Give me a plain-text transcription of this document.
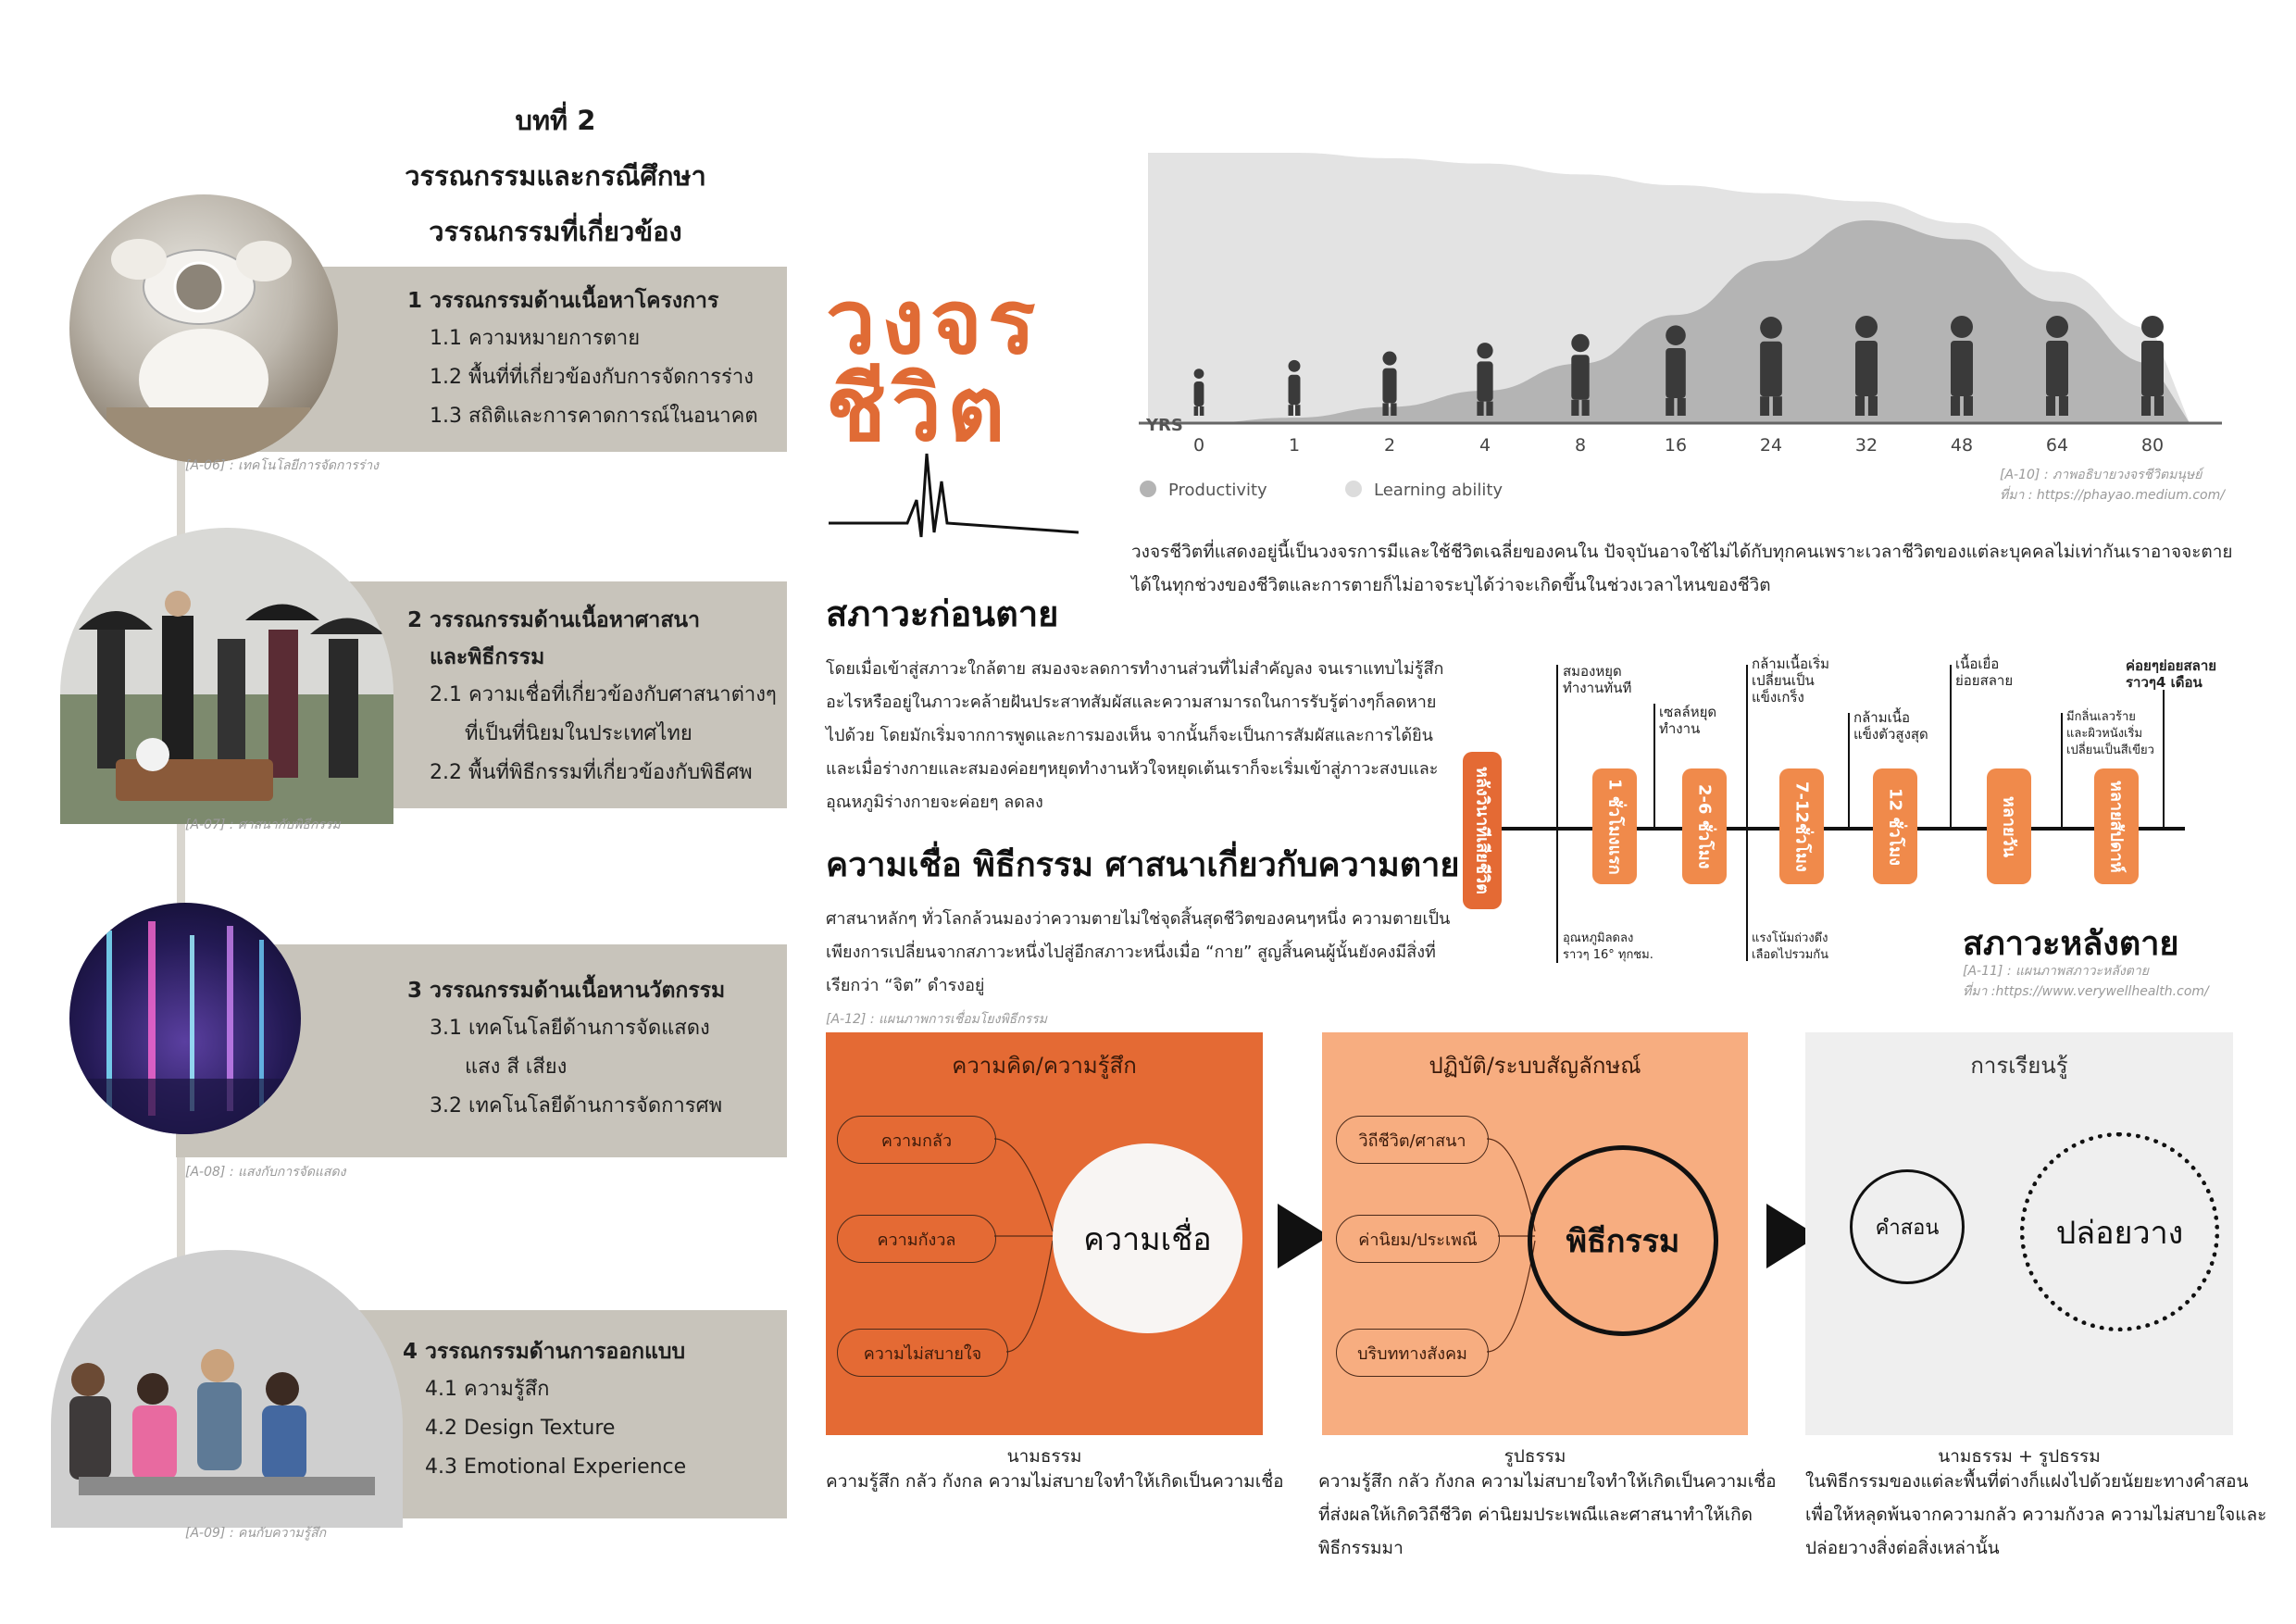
บทที่ 2
วรรณกรรมและกรณีศึกษา
วรรณกรรมที่เกี่ยวข้อง
1 วรรณกรรมด้านเนื้อหาโครงการ
1.1 ความหมายการตาย
1.2 พื้นที่ที่เกี่ยวข้องกับการจัดการร่าง
1.3 สถิติและการคาดการณ์ในอนาคต
[A-06] : เทคโนโลยีการจัดการร่าง
2 วรรณกรรมด้านเนื้อหาศาสนา
และพิธีกรรม
2.1 ความเชื่อที่เกี่ยวข้องกับศาสนาต่างๆ
ที่เป็นที่นิยมในประเทศไทย
2.2 พื้นที่พิธีกรรมที่เกี่ยวข้องกับพิธีศพ
[A-07] : ศาสนากับพิธีกรรม
3 วรรณกรรมด้านเนื้อหานวัตกรรม
3.1 เทคโนโลยีด้านการจัดแสดง
แสง สี เสียง
3.2 เทคโนโลยีด้านการจัดการศพ
[A-08] : แสงกับการจัดแสดง
4 วรรณกรรมด้านการออกแบบ
4.1 ความรู้สึก
4.2 Design Texture
4.3 Emotional Experience
[A-09] : คนกับความรู้สึก
วงจร
ชีวิต	YRS
0	1	2	4	8	16	24	32	48	64	80
Productivity	Learning ability
[A-10] : ภาพอธิบายวงจรชีวิตมนุษย์
ที่มา : https://phayao.medium.com/
วงจรชีวิตที่แสดงอยู่นี้เป็นวงจรการมีและใช้ชีวิตเฉลี่ยของคนใน ปัจจุบันอาจใช้ไม่ได้กับทุกคนเพราะเวลาชีวิตของแต่ละบุคคลไม่เท่ากันเราอาจจะตาย
ได้ในทุกช่วงของชีวิตและการตายก็ไม่อาจระบุได้ว่าจะเกิดขึ้นในช่วงเวลาไหนของชีวิต
สภาวะก่อนตาย
โดยเมื่อเข้าสู่สภาวะใกล้ตาย สมองจะลดการทำงานส่วนที่ไม่สำคัญลง จนเราแทบไม่รู้สึก
อะไรหรืออยู่ในภาวะคล้ายฝันประสาทสัมผัสและความสามารถในการรับรู้ต่างๆก็ลดหาย
ไปด้วย โดยมักเริ่มจากการพูดและการมองเห็น จากนั้นก็จะเป็นการสัมผัสและการได้ยิน
และเมื่อร่างกายและสมองค่อยๆหยุดทำงานหัวใจหยุดเต้นเราก็จะเริ่มเข้าสู่ภาวะสงบและ
อุณหภูมิร่างกายจะค่อยๆ ลดลง
ความเชื่อ พิธีกรรม ศาสนาเกี่ยวกับความตาย
ศาสนาหลักๆ ทั่วโลกล้วนมองว่าความตายไม่ใช่จุดสิ้นสุดชีวิตของคนๆหนึ่ง ความตายเป็น
เพียงการเปลี่ยนจากสภาวะหนึ่งไปสู่อีกสภาวะหนึ่งเมื่อ “กาย” สูญสิ้นคนผู้นั้นยังคงมีสิ่งที่
เรียกว่า “จิต” ดำรงอยู่
[A-12] : แผนภาพการเชื่อมโยงพิธีกรรม
หลังวินาทีเสียชีวิต	1 ชั่วโมงแรก	2-6 ชั่วโมง	7-12ชั่วโมง	12 ชั่วโมง	หลายวัน	หลายสัปดาห์
สมองหยุด
ทำงานทันที
เซลล์หยุด
ทำงาน
กล้ามเนื้อเริ่ม
เปลี่ยนเป็น
แข็งเกร็ง
กล้ามเนื้อ
แข็งตัวสูงสุด
เนื้อเยื่อ
ย่อยสลาย
มีกลิ่นเลวร้าย
และผิวหนังเริ่ม
เปลี่ยนเป็นสีเขียว
ค่อยๆย่อยสลาย
ราวๆ4 เดือน
อุณหภูมิลดลง
ราวๆ 16° ทุกชม.
แรงโน้มถ่วงดึง
เลือดไปรวมกัน	สภาวะหลังตาย
[A-11] : แผนภาพสภาวะหลังตาย
ที่มา :https://www.verywellhealth.com/
ความคิด/ความรู้สึก
ความกลัว
ความกังวล
ความไม่สบายใจ
ความเชื่อ
นามธรรม
ความรู้สึก กลัว กังกล ความไม่สบายใจทำให้เกิดเป็นความเชื่อ
ปฏิบัติ/ระบบสัญลักษณ์
วิถีชีวิต/ศาสนา
ค่านิยม/ประเพณี
บริบททางสังคม
พิธีกรรม
รูปธรรม
ความรู้สึก กลัว กังกล ความไม่สบายใจทำให้เกิดเป็นความเชื่อ
ที่ส่งผลให้เกิดวิถีชีวิต ค่านิยมประเพณีและศาสนาทำให้เกิด
พิธีกรรมมา
การเรียนรู้
คำสอน	ปล่อยวาง
นามธรรม + รูปธรรม
ในพิธีกรรมของแต่ละพื้นที่ต่างก็แฝงไปด้วยนัยยะทางคำสอน
เพื่อให้หลุดพ้นจากความกลัว ความกังวล ความไม่สบายใจและ
ปล่อยวางสิ่งต่อสิ่งเหล่านั้น
